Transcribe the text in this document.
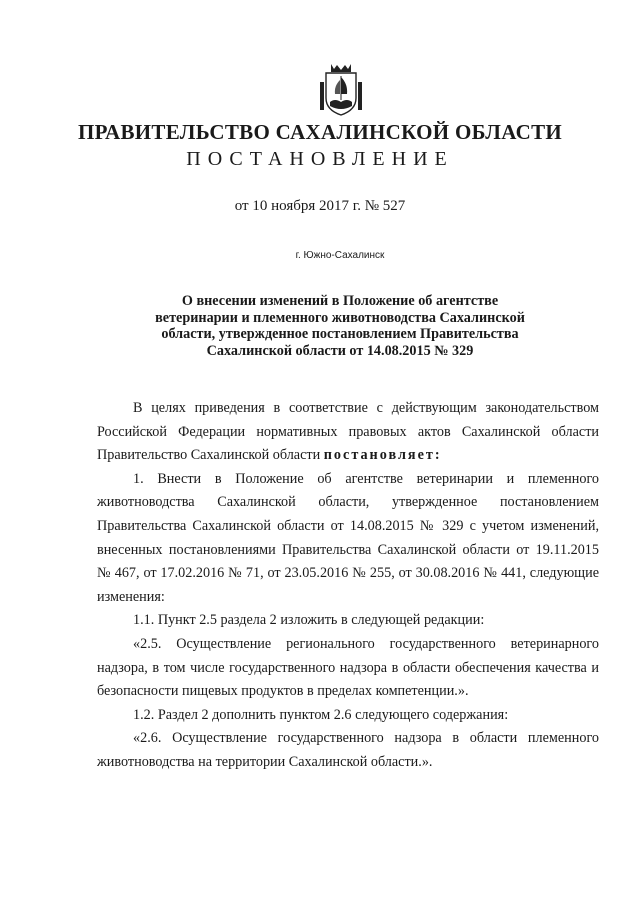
ПРАВИТЕЛЬСТВО САХАЛИНСКОЙ ОБЛАСТИ
ПОСТАНОВЛЕНИЕ
от 10 ноября 2017 г. № 527
г. Южно-Сахалинск
О внесении изменений в Положение об агентстве
ветеринарии и племенного животноводства Сахалинской
области, утвержденное постановлением Правительства
Сахалинской области от 14.08.2015 № 329

В целях приведения в соответствие с действующим законодательством Российской Федерации нормативных правовых актов Сахалинской области Правительство Сахалинской области постановляет:

1. Внести в Положение об агентстве ветеринарии и племенного животноводства Сахалинской области, утвержденное постановлением Правительства Сахалинской области от 14.08.2015 № 329 с учетом изменений, внесенных постановлениями Правительства Сахалинской области от 19.11.2015 № 467, от 17.02.2016 № 71, от 23.05.2016 № 255, от 30.08.2016 № 441, следующие изменения:

1.1. Пункт 2.5 раздела 2 изложить в следующей редакции:

«2.5. Осуществление регионального государственного ветеринарного надзора, в том числе государственного надзора в области обеспечения качества и безопасности пищевых продуктов в пределах компетенции.».

1.2. Раздел 2 дополнить пунктом 2.6 следующего содержания:

«2.6. Осуществление государственного надзора в области племенного животноводства на территории Сахалинской области.».
